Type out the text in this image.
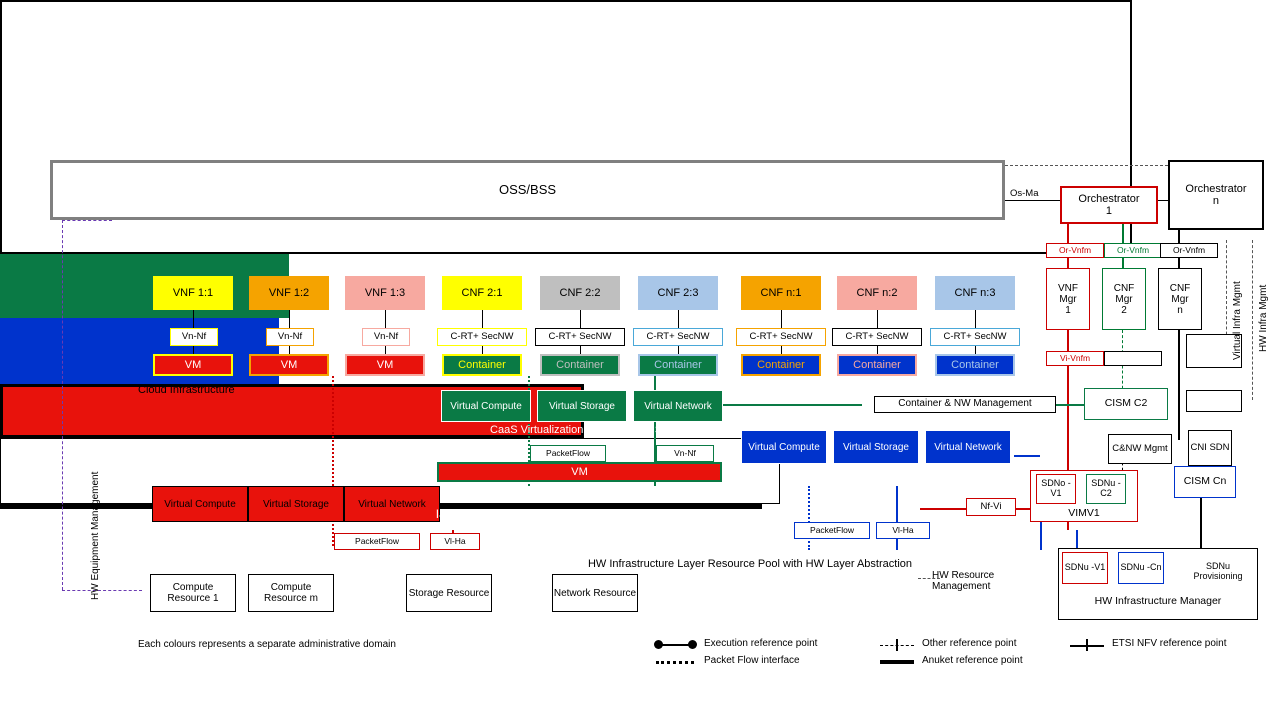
OSS/BSS	Os-Ma	Orchestrator
1
Orchestrator
n
Or-Vnfm	Or-Vnfm	Or-Vnfm
VNF
Mgr
1
CNF
Mgr
2
CNF
Mgr
n
Vi-Vnfm	Virtual Infra Mgmt HW Infra Mgmt
HW Equipment Management
VNF 1:1
Vn-Nf
VM
VNF 1:2
Vn-Nf
VM
VNF 1:3
Vn-Nf
VM
CNF 2:1
C-RT+ SecNW
Container
CNF 2:2
C-RT+ SecNW
Container
CNF 2:3
C-RT+ SecNW
Container
CNF n:1
C-RT+ SecNW
Container
CNF n:2
C-RT+ SecNW
Container
CNF n:3
C-RT+ SecNW
Container
Cloud Infrastructure
Virtual Compute	Virtual Storage	Virtual Network
CaaS Virtualization Instance 2 (CISI)
VM
PacketFlow	Vn-Nf
Container & NW Management
Virtual Compute Virtual Storage	Virtual Network
CaaS Virtualization Instance n (CISI)
PacketFlow	Vl-Ha
Virtual Compute	Virtual Storage	Virtual Network
IaaS Virtualization Instance (VMM)
PacketFlow	Vl-Ha
HW Infrastructure Layer Resource Pool with HW Layer Abstraction
Compute Resource 1
Compute Resource m	Storage Resource	Network Resource
HW Resource Management
CISM C2
C&NW Mgmt CNI SDN
CISM Cn
VIMV1
SDNo -V1
SDNu -C2
Nf-Vi
HW Infrastructure Manager
SDNu -V1 SDNu -Cn	SDNu Provisioning
Each colours represents a separate administrative domain	Execution reference point
Packet Flow interface
Other reference point
Anuket reference point
ETSI NFV reference point
